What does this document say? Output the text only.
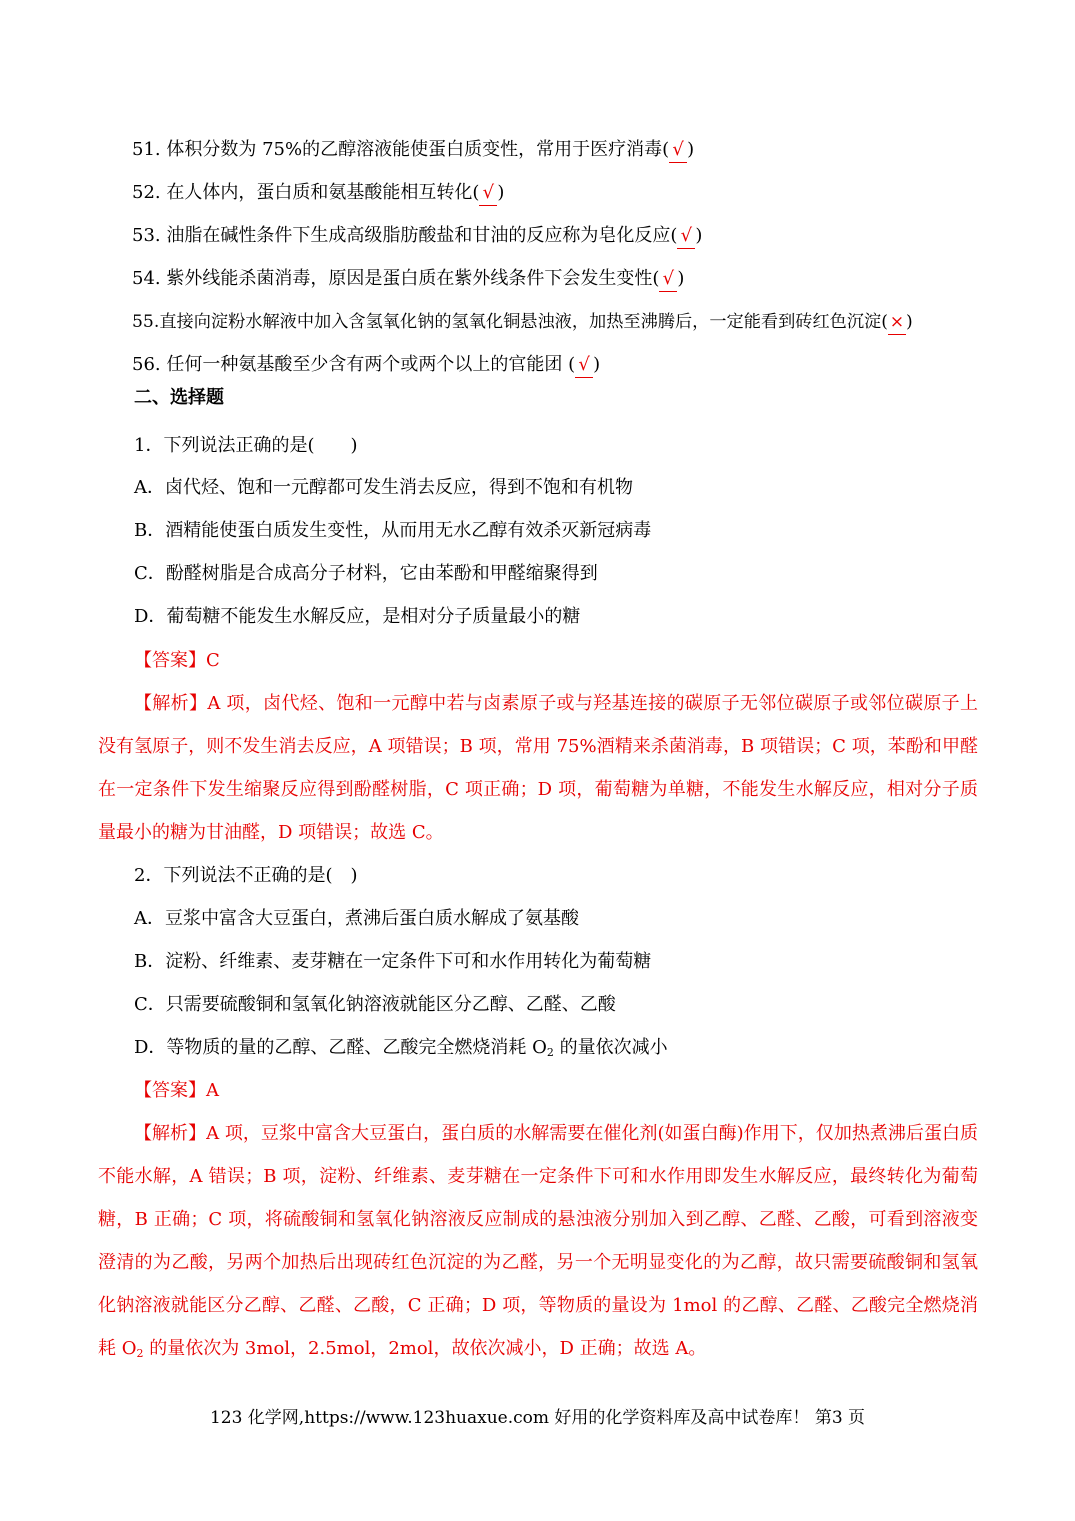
51. 体积分数为 75%的乙醇溶液能使蛋白质变性，常用于医疗消毒( √ )
52. 在人体内，蛋白质和氨基酸能相互转化( √ )
53. 油脂在碱性条件下生成高级脂肪酸盐和甘油的反应称为皂化反应( √ )
54. 紫外线能杀菌消毒，原因是蛋白质在紫外线条件下会发生变性( √ )
55.直接向淀粉水解液中加入含氢氧化钠的氢氧化铜悬浊液，加热至沸腾后，一定能看到砖红色沉淀( × )
56. 任何一种氨基酸至少含有两个或两个以上的官能团 ( √ )
二、选择题
1．下列说法正确的是(　　)
A．卤代烃、饱和一元醇都可发生消去反应，得到不饱和有机物
B．酒精能使蛋白质发生变性，从而用无水乙醇有效杀灭新冠病毒
C．酚醛树脂是合成高分子材料，它由苯酚和甲醛缩聚得到
D．葡萄糖不能发生水解反应，是相对分子质量最小的糖
【答案】C
【解析】A 项，卤代烃、饱和一元醇中若与卤素原子或与羟基连接的碳原子无邻位碳原子或邻位碳原子上没有氢原子，则不发生消去反应，A 项错误；B 项，常用 75%酒精来杀菌消毒，B 项错误；C 项，苯酚和甲醛在一定条件下发生缩聚反应得到酚醛树脂，C 项正确；D 项，葡萄糖为单糖，不能发生水解反应，相对分子质量最小的糖为甘油醛，D 项错误；故选 C。
2．下列说法不正确的是(　)
A．豆浆中富含大豆蛋白，煮沸后蛋白质水解成了氨基酸
B．淀粉、纤维素、麦芽糖在一定条件下可和水作用转化为葡萄糖
C．只需要硫酸铜和氢氧化钠溶液就能区分乙醇、乙醛、乙酸
D．等物质的量的乙醇、乙醛、乙酸完全燃烧消耗 $O_2$ 的量依次减小
【答案】A
【解析】A 项，豆浆中富含大豆蛋白，蛋白质的水解需要在催化剂(如蛋白酶)作用下，仅加热煮沸后蛋白质不能水解，A 错误；B 项，淀粉、纤维素、麦芽糖在一定条件下可和水作用即发生水解反应，最终转化为葡萄糖，B 正确；C 项，将硫酸铜和氢氧化钠溶液反应制成的悬浊液分别加入到乙醇、乙醛、乙酸，可看到溶液变澄清的为乙酸，另两个加热后出现砖红色沉淀的为乙醛，另一个无明显变化的为乙醇，故只需要硫酸铜和氢氧化钠溶液就能区分乙醇、乙醛、乙酸，C 正确；D 项，等物质的量设为 1mol 的乙醇、乙醛、乙酸完全燃烧消耗 $O_2$ 的量依次为 3mol，2.5mol，2mol，故依次减小，D 正确；故选 A。
123 化学网,https://www.123huaxue.com 好用的化学资料库及高中试卷库！ 第3 页
